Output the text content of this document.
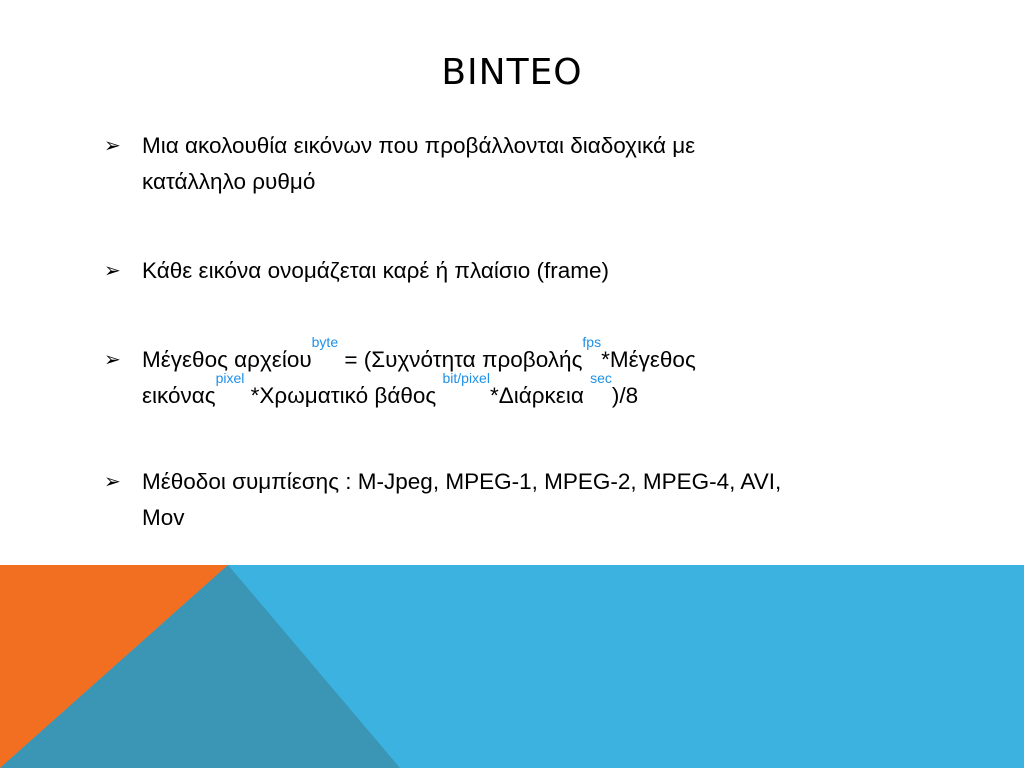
ΒΙΝΤΕΟ
➢ Μια ακολουθία εικόνων που προβάλλονται διαδοχικά με
κατάλληλο ρυθμό
➢ Κάθε εικόνα ονομάζεται καρέ ή πλαίσιο (frame)
➢ Μέγεθος αρχείου$^{byte}$ = (Συχνότητα προβολής$^{fps}$*Μέγεθος
εικόνας$^{pixel}$ *Χρωματικό βάθος $^{bit/pixel}$*Διάρκεια $^{sec}$)/8
➢ Μέθοδοι συμπίεσης : M-Jpeg, MPEG-1, MPEG-2, MPEG-4, AVI,
Mov
